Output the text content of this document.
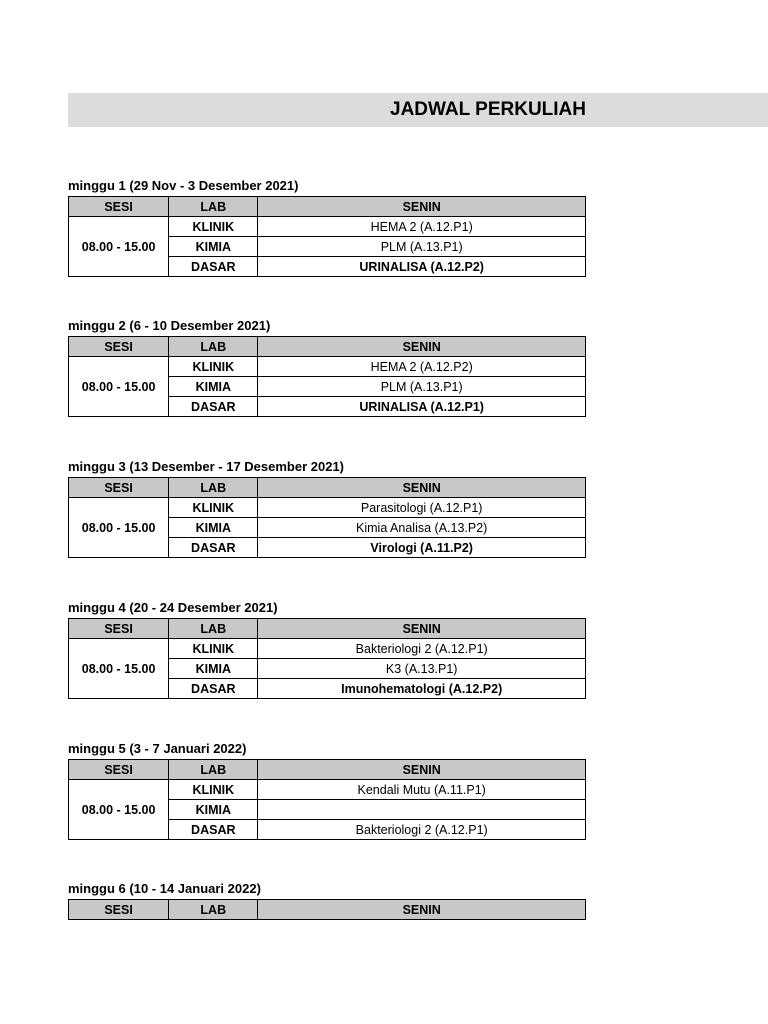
JADWAL PERKULIAH
minggu 1 (29 Nov - 3 Desember 2021)
SESI	LAB	SENIN
08.00 - 15.00	KLINIK	HEMA 2 (A.12.P1)
	KIMIA	PLM (A.13.P1)
	DASAR	URINALISA (A.12.P2)
minggu 2 (6 - 10 Desember 2021)
SESI	LAB	SENIN
08.00 - 15.00	KLINIK	HEMA 2 (A.12.P2)
	KIMIA	PLM (A.13.P1)
	DASAR	URINALISA (A.12.P1)
minggu 3 (13 Desember - 17 Desember 2021)
SESI	LAB	SENIN
08.00 - 15.00	KLINIK	Parasitologi (A.12.P1)
	KIMIA	Kimia Analisa (A.13.P2)
	DASAR	Virologi (A.11.P2)
minggu 4 (20 - 24 Desember 2021)
SESI	LAB	SENIN
08.00 - 15.00	KLINIK	Bakteriologi 2 (A.12.P1)
	KIMIA	K3 (A.13.P1)
	DASAR	Imunohematologi (A.12.P2)
minggu 5 (3 - 7 Januari 2022)
SESI	LAB	SENIN
08.00 - 15.00	KLINIK	Kendali Mutu (A.11.P1)
	KIMIA	
	DASAR	Bakteriologi 2 (A.12.P1)
minggu 6 (10 - 14 Januari 2022)
SESI	LAB	SENIN
